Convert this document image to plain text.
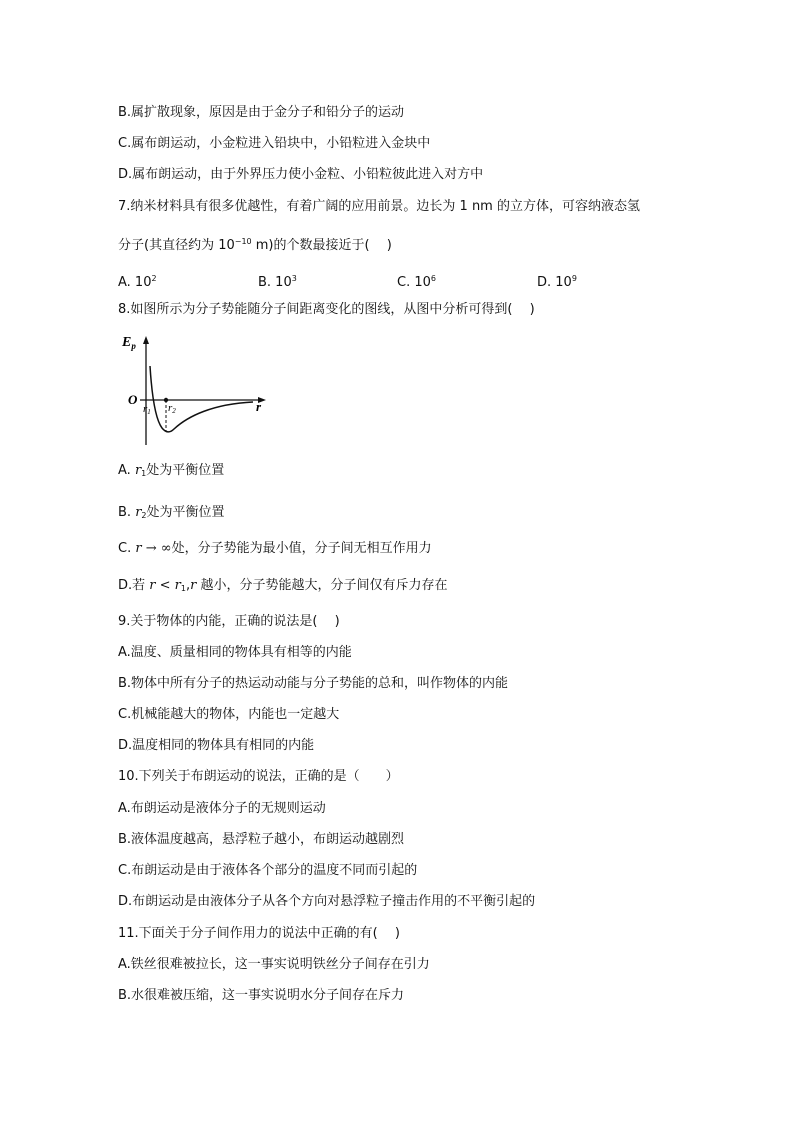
B.属扩散现象，原因是由于金分子和铅分子的运动
C.属布朗运动，小金粒进入铅块中，小铅粒进入金块中
D.属布朗运动，由于外界压力使小金粒、小铅粒彼此进入对方中
7.纳米材料具有很多优越性，有着广阔的应用前景。边长为 1 nm 的立方体，可容纳液态氢
分子(其直径约为 $10^{-10}$ m)的个数最接近于(　 )
A. $10^2$	B. $10^3$	C. $10^6$	D. $10^9$
8.如图所示为分子势能随分子间距离变化的图线，从图中分析可得到(　 )
$E_p$
O
r1 r2	r
A. $r_1$处为平衡位置
B. $r_2$处为平衡位置
C. r → ∞处，分子势能为最小值，分子间无相互作用力
D.若 $r < r_1,r$ 越小，分子势能越大，分子间仅有斥力存在
9.关于物体的内能，正确的说法是(　 )
A.温度、质量相同的物体具有相等的内能
B.物体中所有分子的热运动动能与分子势能的总和，叫作物体的内能
C.机械能越大的物体，内能也一定越大
D.温度相同的物体具有相同的内能
10.下列关于布朗运动的说法，正确的是（　　）
A.布朗运动是液体分子的无规则运动
B.液体温度越高，悬浮粒子越小，布朗运动越剧烈
C.布朗运动是由于液体各个部分的温度不同而引起的
D.布朗运动是由液体分子从各个方向对悬浮粒子撞击作用的不平衡引起的
11.下面关于分子间作用力的说法中正确的有(　 )
A.铁丝很难被拉长，这一事实说明铁丝分子间存在引力
B.水很难被压缩，这一事实说明水分子间存在斥力
